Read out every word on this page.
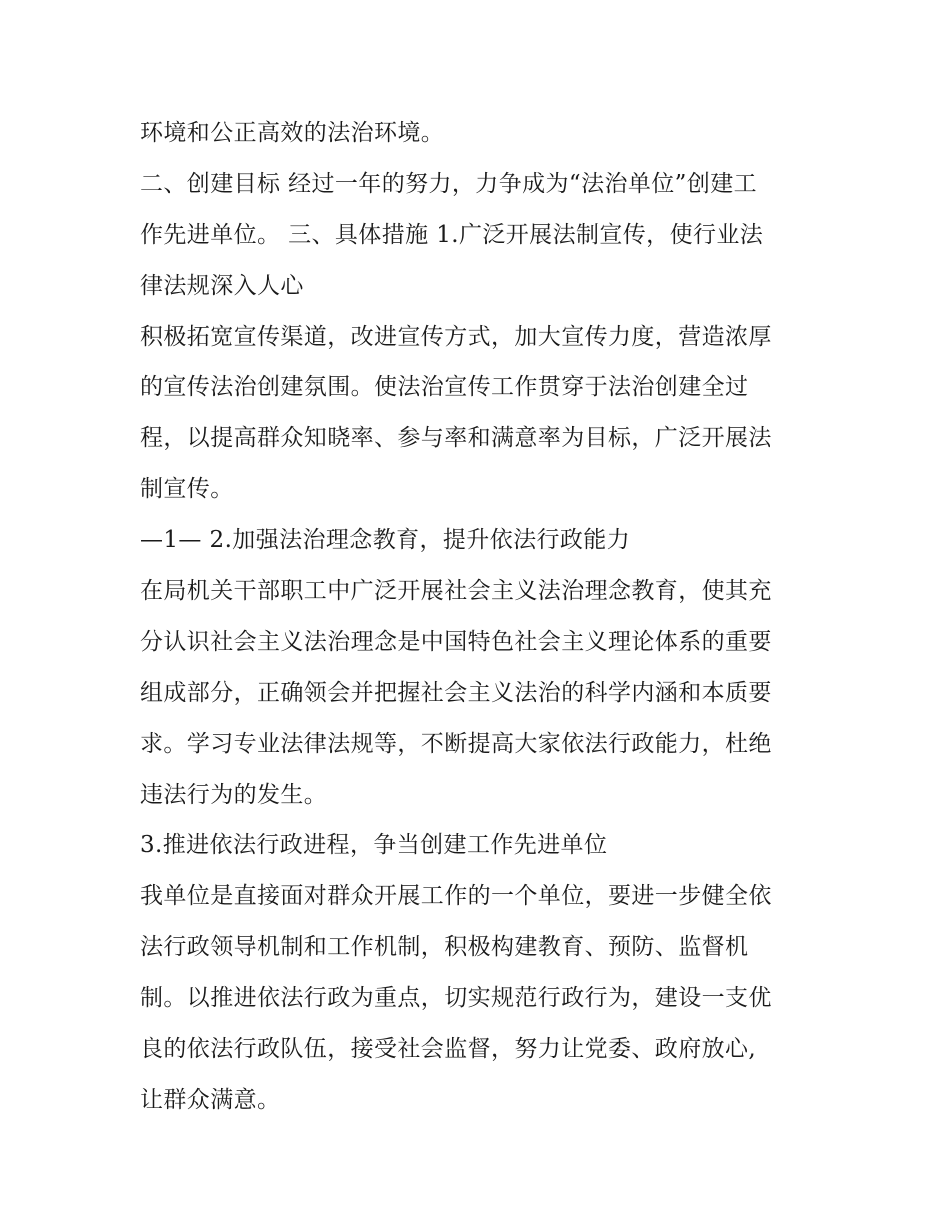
环境和公正高效的法治环境。
二、创建目标 经过一年的努力，力争成为“法治单位”创建工
作先进单位。 三、具体措施 1.广泛开展法制宣传，使行业法
律法规深入人心
积极拓宽宣传渠道，改进宣传方式，加大宣传力度，营造浓厚
的宣传法治创建氛围。使法治宣传工作贯穿于法治创建全过
程，以提高群众知晓率、参与率和满意率为目标，广泛开展法
制宣传。
—1— 2.加强法治理念教育，提升依法行政能力
在局机关干部职工中广泛开展社会主义法治理念教育，使其充
分认识社会主义法治理念是中国特色社会主义理论体系的重要
组成部分，正确领会并把握社会主义法治的科学内涵和本质要
求。学习专业法律法规等，不断提高大家依法行政能力，杜绝
违法行为的发生。
3.推进依法行政进程，争当创建工作先进单位
我单位是直接面对群众开展工作的一个单位，要进一步健全依
法行政领导机制和工作机制，积极构建教育、预防、监督机
制。以推进依法行政为重点，切实规范行政行为，建设一支优
良的依法行政队伍，接受社会监督，努力让党委、政府放心,
让群众满意。
